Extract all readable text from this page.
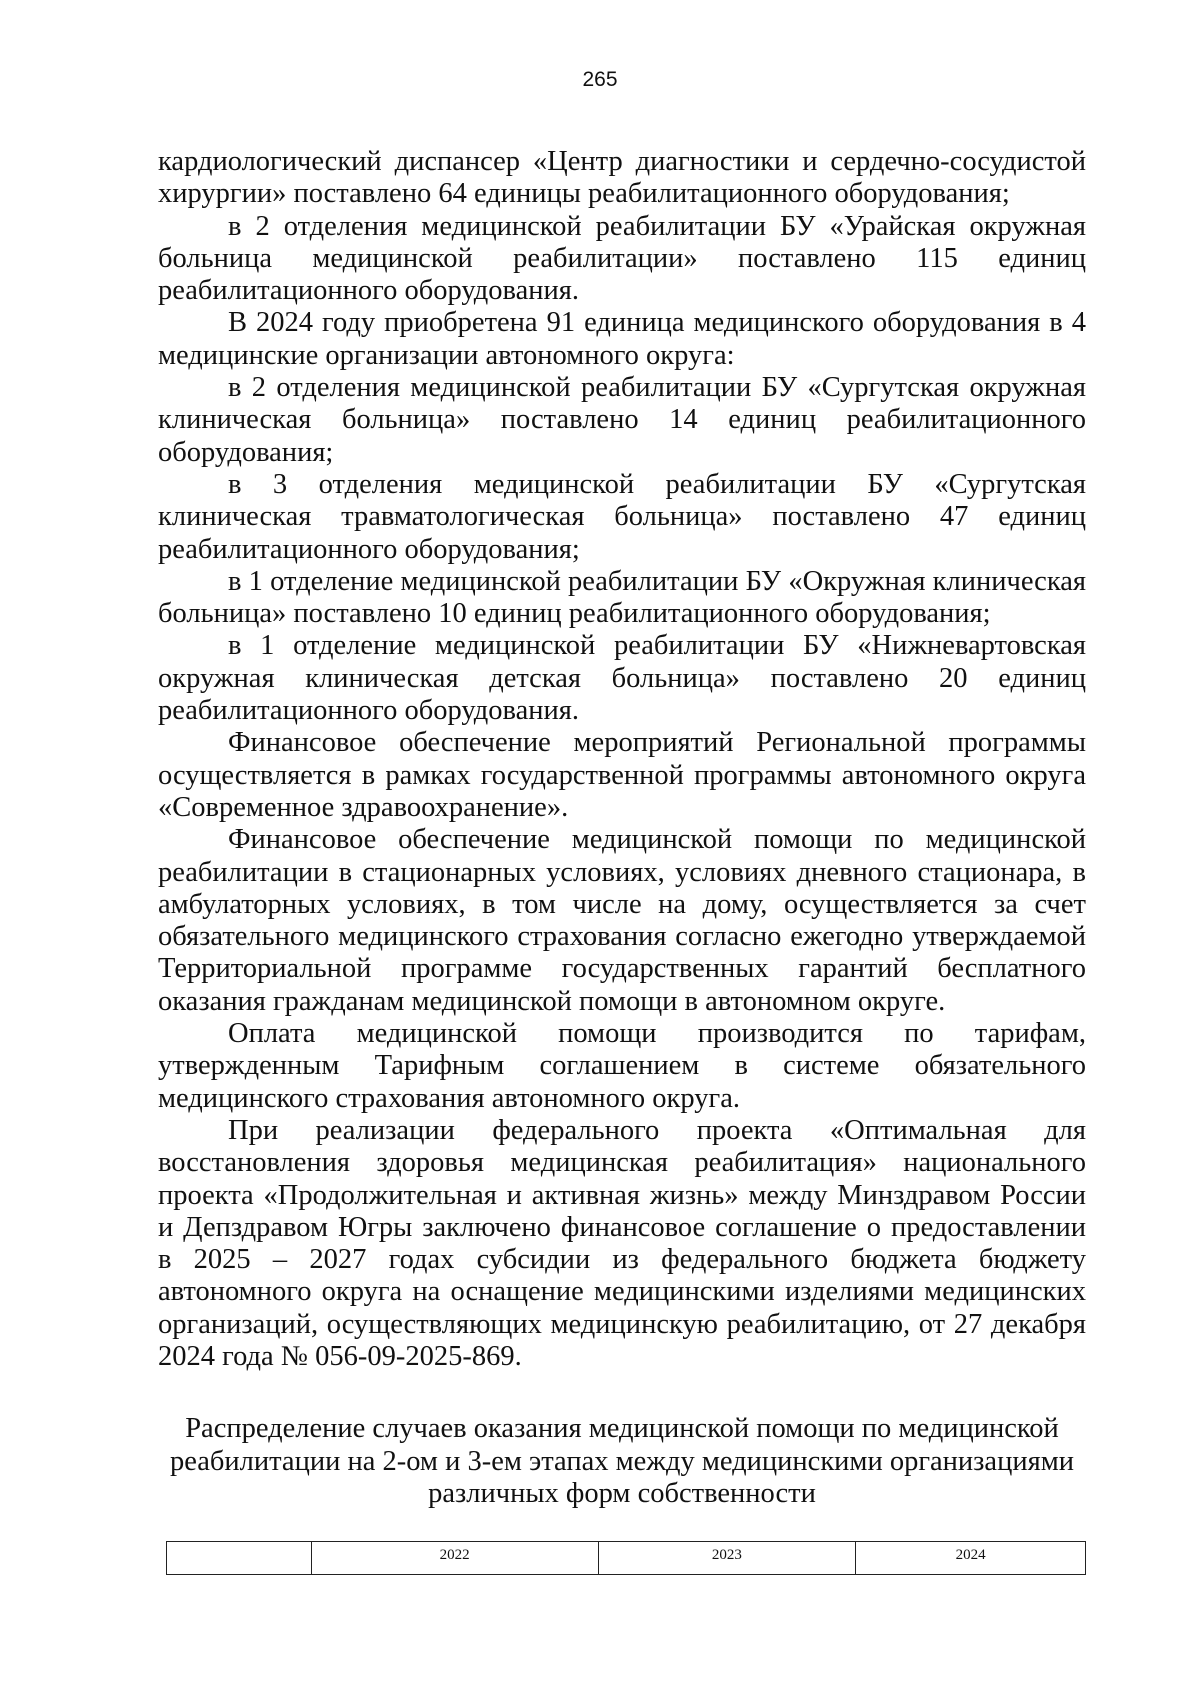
265

кардиологический диспансер «Центр диагностики и сердечно-сосудистой хирургии» поставлено 64 единицы реабилитационного оборудования;

в 2 отделения медицинской реабилитации БУ «Урайская окружная больница медицинской реабилитации» поставлено 115 единиц реабилитационного оборудования.

В 2024 году приобретена 91 единица медицинского оборудования в 4 медицинские организации автономного округа:

в 2 отделения медицинской реабилитации БУ «Сургутская окружная клиническая больница» поставлено 14 единиц реабилитационного оборудования;

в 3 отделения медицинской реабилитации БУ «Сургутская клиническая травматологическая больница» поставлено 47 единиц реабилитационного оборудования;

в 1 отделение медицинской реабилитации БУ «Окружная клиническая больница» поставлено 10 единиц реабилитационного оборудования;

в 1 отделение медицинской реабилитации БУ «Нижневартовская окружная клиническая детская больница» поставлено 20 единиц реабилитационного оборудования.

Финансовое обеспечение мероприятий Региональной программы осуществляется в рамках государственной программы автономного округа «Современное здравоохранение».

Финансовое обеспечение медицинской помощи по медицинской реабилитации в стационарных условиях, условиях дневного стационара, в амбулаторных условиях, в том числе на дому, осуществляется за счет обязательного медицинского страхования согласно ежегодно утверждаемой Территориальной программе государственных гарантий бесплатного оказания гражданам медицинской помощи в автономном округе.

Оплата медицинской помощи производится по тарифам, утвержденным Тарифным соглашением в системе обязательного медицинского страхования автономного округа.

При реализации федерального проекта «Оптимальная для восстановления здоровья медицинская реабилитация» национального проекта «Продолжительная и активная жизнь» между Минздравом России и Депздравом Югры заключено финансовое соглашение о предоставлении в 2025 – 2027 годах субсидии из федерального бюджета бюджету автономного округа на оснащение медицинскими изделиями медицинских организаций, осуществляющих медицинскую реабилитацию, от 27 декабря 2024 года № 056-09-2025-869.

Распределение случаев оказания медицинской помощи по медицинской
реабилитации на 2-ом и 3-ем этапах между медицинскими организациями
различных форм собственности
	2022	2023	2024
